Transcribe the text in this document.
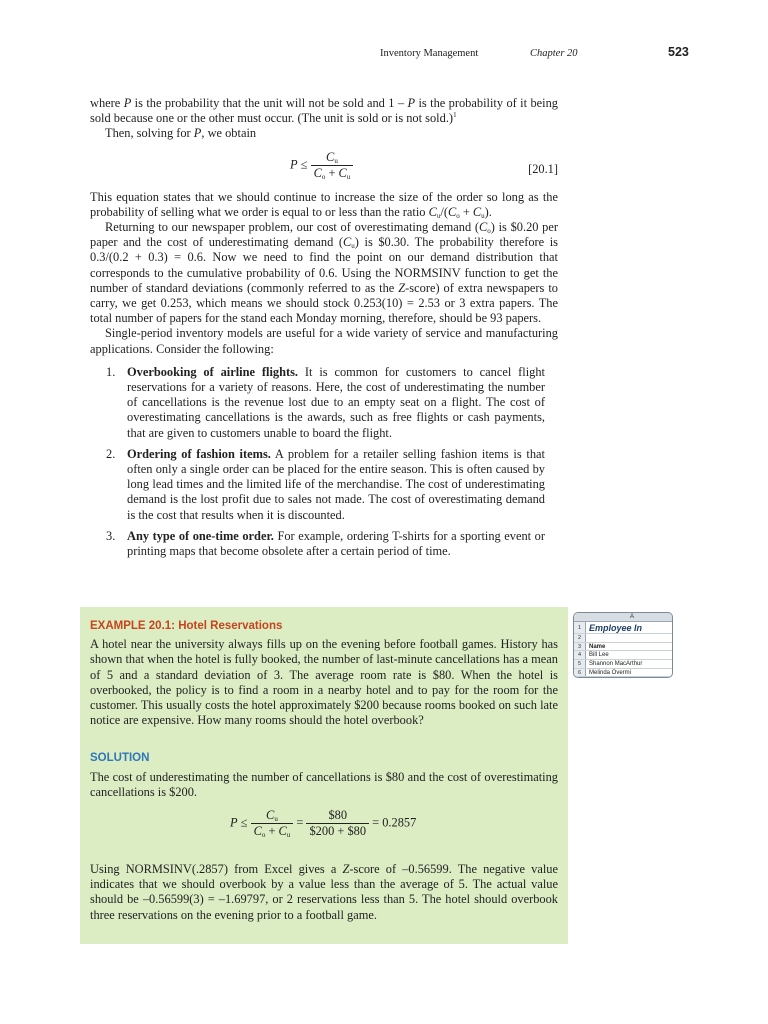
Inventory Management	Chapter 20	523

where P is the probability that the unit will not be sold and 1 – P is the probability of it being sold because one or the other must occur. (The unit is sold or is not sold.)$^1$

Then, solving for P, we obtain

$P \le \frac{C_u}{C_o + C_u}$	[20.1]

This equation states that we should continue to increase the size of the order so long as the probability of selling what we order is equal to or less than the ratio $C_u/(C_o + C_u)$.

Returning to our newspaper problem, our cost of overestimating demand $(C_o)$ is $0.20 per paper and the cost of underestimating demand $(C_u)$ is $0.30. The probability therefore is 0.3/(0.2 + 0.3) = 0.6. Now we need to find the point on our demand distribution that corresponds to the cumulative probability of 0.6. Using the NORMSINV function to get the number of standard deviations (commonly referred to as the Z-score) of extra newspapers to carry, we get 0.253, which means we should stock 0.253(10) = 2.53 or 3 extra papers. The total number of papers for the stand each Monday morning, therefore, should be 93 papers.

Single-period inventory models are useful for a wide variety of service and manufacturing applications. Consider the following:

1. Overbooking of airline flights. It is common for customers to cancel flight reservations for a variety of reasons. Here, the cost of underestimating the number of cancellations is the revenue lost due to an empty seat on a flight. The cost of overestimating cancellations is the awards, such as free flights or cash payments, that are given to customers unable to board the flight.
2. Ordering of fashion items. A problem for a retailer selling fashion items is that often only a single order can be placed for the entire season. This is often caused by long lead times and the limited life of the merchandise. The cost of underestimating demand is the lost profit due to sales not made. The cost of overestimating demand is the cost that results when it is discounted.
3. Any type of one-time order. For example, ordering T-shirts for a sporting event or printing maps that become obsolete after a certain period of time.
EXAMPLE 20.1: Hotel Reservations

A hotel near the university always fills up on the evening before football games. History has shown that when the hotel is fully booked, the number of last-minute cancellations has a mean of 5 and a standard deviation of 3. The average room rate is $80. When the hotel is overbooked, the policy is to find a room in a nearby hotel and to pay for the room for the customer. This usually costs the hotel approximately $200 because rooms booked on such late notice are expensive. How many rooms should the hotel overbook?

SOLUTION

The cost of underestimating the number of cancellations is $80 and the cost of overestimating cancellations is $200.

$P \le \frac{C_u}{C_o + C_u} = \frac{\$80}{\$200 + \$80} = 0.2857$

Using NORMSINV(.2857) from Excel gives a Z-score of –0.56599. The negative value indicates that we should overbook by a value less than the average of 5. The actual value should be –0.56599(3) = –1.69797, or 2 reservations less than 5. The hotel should overbook three reservations on the evening prior to a football game.

A
1 Employee In
2
3	Name
4	Bill Lee
5	Shannon MacArthur
6	Melinda Overmi
